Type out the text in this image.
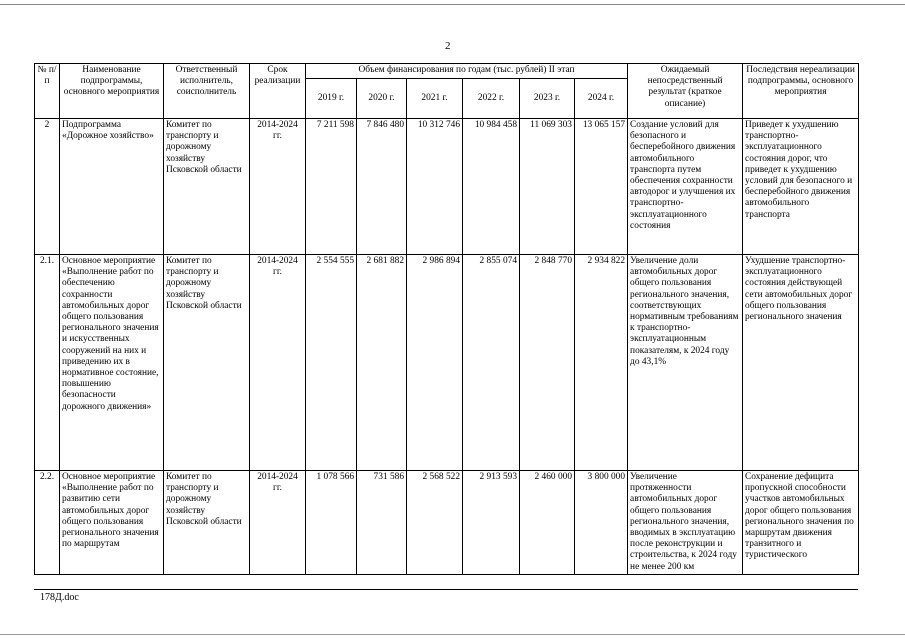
2
№ п/п	Наименование подпрограммы, основного мероприятия	Ответственный исполнитель, соисполнитель	Срок реализации	Объем финансирования по годам (тыс. рублей) II этап						Ожидаемый непосредственный результат (краткое описание)	Последствия нереализации подпрограммы, основного мероприятия
				2019 г.	2020 г.	2021 г.	2022 г.	2023 г.	2024 г.		
2	Подпрограмма «Дорожное хозяйство»	Комитет по транспорту и дорожному хозяйству Псковской области	2014-2024 гг.	7 211 598	7 846 480	10 312 746	10 984 458	11 069 303	13 065 157	Создание условий для безопасного и бесперебойного движения автомобильного транспорта путем обеспечения сохранности автодорог и улучшения их транспортно-эксплуатационного состояния	Приведет к ухудшению транспортно-эксплуатационного состояния дорог, что приведет к ухудшению условий для безопасного и бесперебойного движения автомобильного транспорта
2.1.	Основное мероприятие «Выполнение работ по обеспечению сохранности автомобильных дорог общего пользования регионального значения и искусственных сооружений на них и приведению их в нормативное состояние, повышению безопасности дорожного движения»	Комитет по транспорту и дорожному хозяйству Псковской области	2014-2024 гг.	2 554 555	2 681 882	2 986 894	2 855 074	2 848 770	2 934 822	Увеличение доли автомобильных дорог общего пользования регионального значения, соответствующих нормативным требованиям к транспортно-эксплуатационным показателям, к 2024 году до 43,1%	Ухудшение транспортно-эксплуатационного состояния действующей сети автомобильных дорог общего пользования регионального значения
2.2.	Основное мероприятие «Выполнение работ по развитию сети автомобильных дорог общего пользования регионального значения по маршрутам	Комитет по транспорту и дорожному хозяйству Псковской области	2014-2024 гг.	1 078 566	731 586	2 568 522	2 913 593	2 460 000	3 800 000	Увеличение протяженности автомобильных дорог общего пользования регионального значения, вводимых в эксплуатацию после реконструкции и строительства, к 2024 году не менее 200 км	Сохранение дефицита пропускной способности участков автомобильных дорог общего пользования регионального значения по маршрутам движения транзитного и туристического
178Д.doc
